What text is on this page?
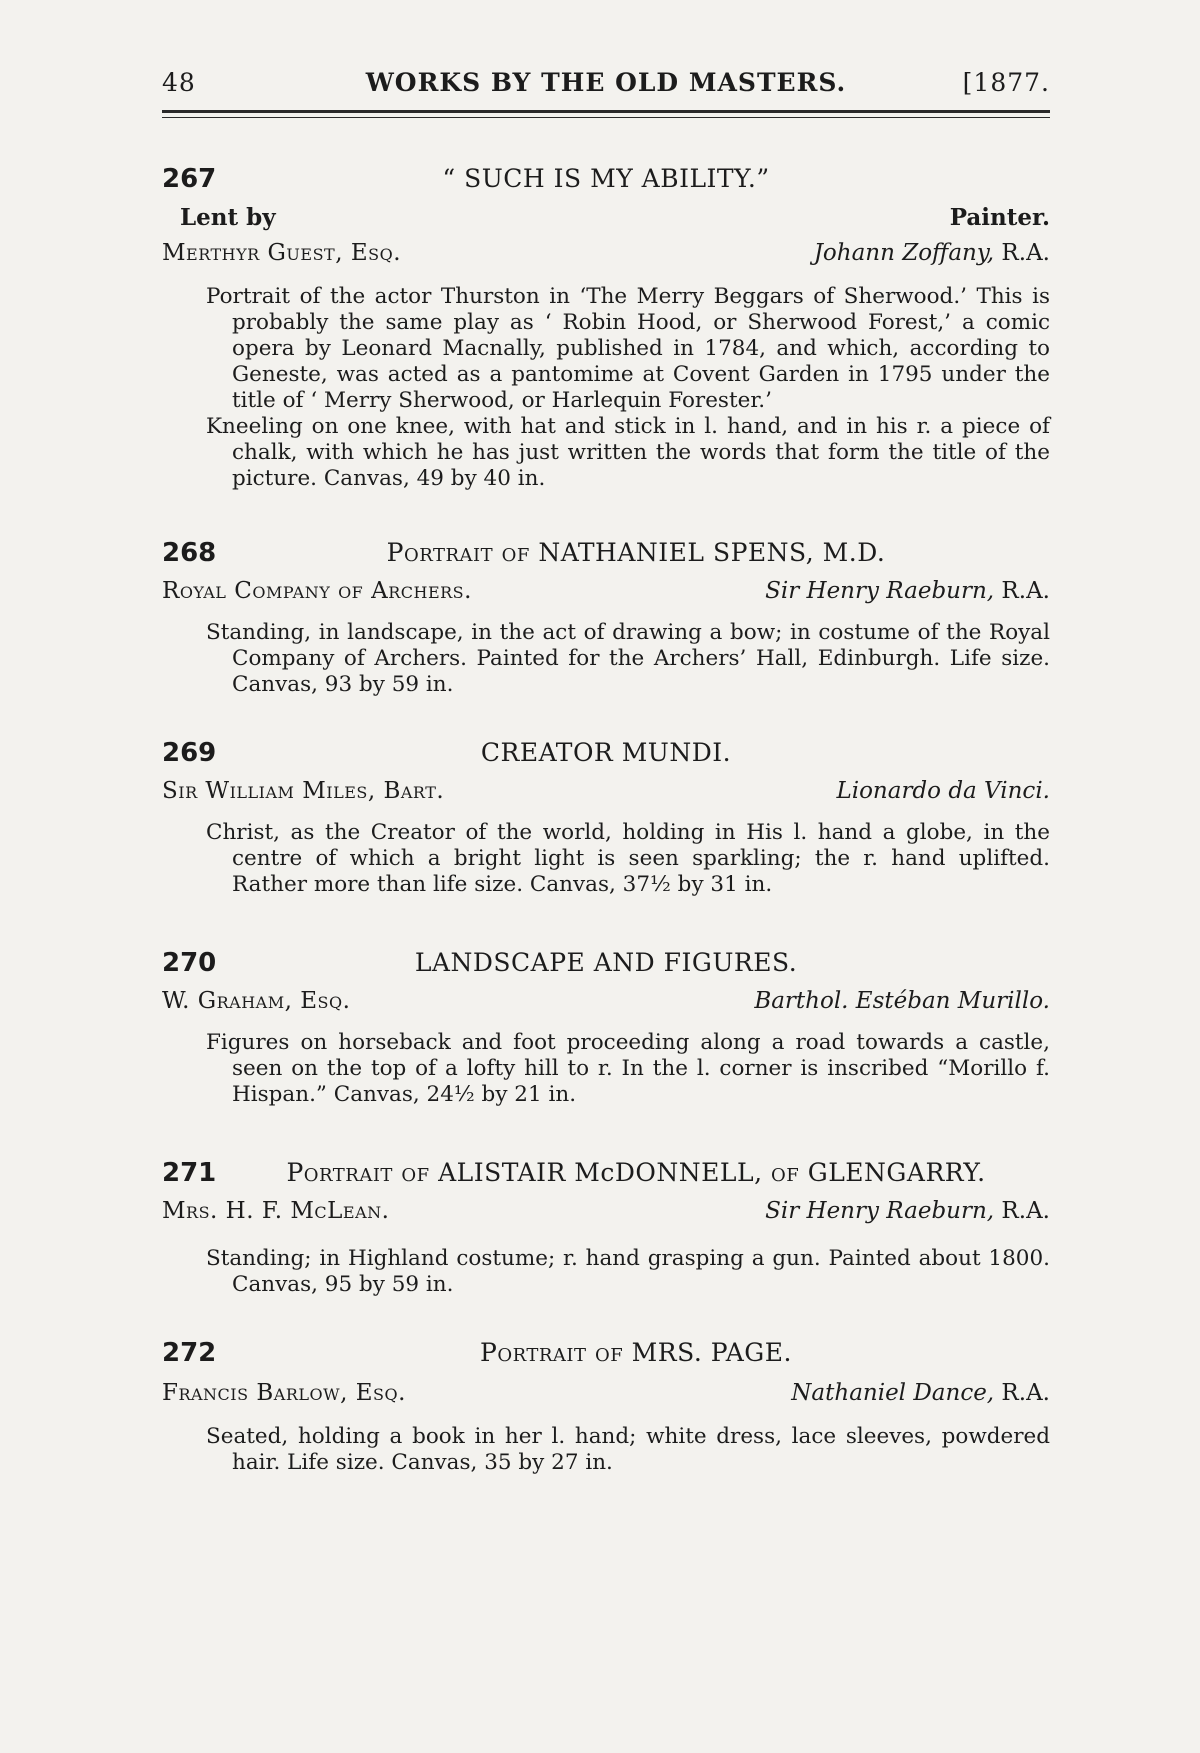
48	WORKS BY THE OLD MASTERS.	[1877.
267	“ SUCH IS MY ABILITY.”
Lent by	Painter.
Merthyr Guest, Esq.	Johann Zoffany, R.A.

Portrait of the actor Thurston in ‘The Merry Beggars of Sherwood.’ This is probably the same play as ‘ Robin Hood, or Sherwood Forest,’ a comic opera by Leonard Macnally, published in 1784, and which, according to Geneste, was acted as a pantomime at Covent Garden in 1795 under the title of ‘ Merry Sherwood, or Harlequin Forester.’

Kneeling on one knee, with hat and stick in l. hand, and in his r. a piece of chalk, with which he has just written the words that form the title of the picture. Canvas, 49 by 40 in.

268	Portrait of NATHANIEL SPENS, M.D.
Royal Company of Archers.	Sir Henry Raeburn, R.A.

Standing, in landscape, in the act of drawing a bow; in costume of the Royal Company of Archers. Painted for the Archers’ Hall, Edinburgh. Life size. Canvas, 93 by 59 in.

269	CREATOR MUNDI.
Sir William Miles, Bart.	Lionardo da Vinci.

Christ, as the Creator of the world, holding in His l. hand a globe, in the centre of which a bright light is seen sparkling; the r. hand uplifted. Rather more than life size. Canvas, 37½ by 31 in.

270	LANDSCAPE AND FIGURES.
W. Graham, Esq.	Barthol. Estéban Murillo.

Figures on horseback and foot proceeding along a road towards a castle, seen on the top of a lofty hill to r. In the l. corner is inscribed “Morillo f. Hispan.” Canvas, 24½ by 21 in.

271	Portrait of ALISTAIR McDONNELL, of GLENGARRY.
Mrs. H. F. McLean.	Sir Henry Raeburn, R.A.

Standing; in Highland costume; r. hand grasping a gun. Painted about 1800. Canvas, 95 by 59 in.

272	Portrait of MRS. PAGE.
Francis Barlow, Esq.	Nathaniel Dance, R.A.

Seated, holding a book in her l. hand; white dress, lace sleeves, powdered hair. Life size. Canvas, 35 by 27 in.
